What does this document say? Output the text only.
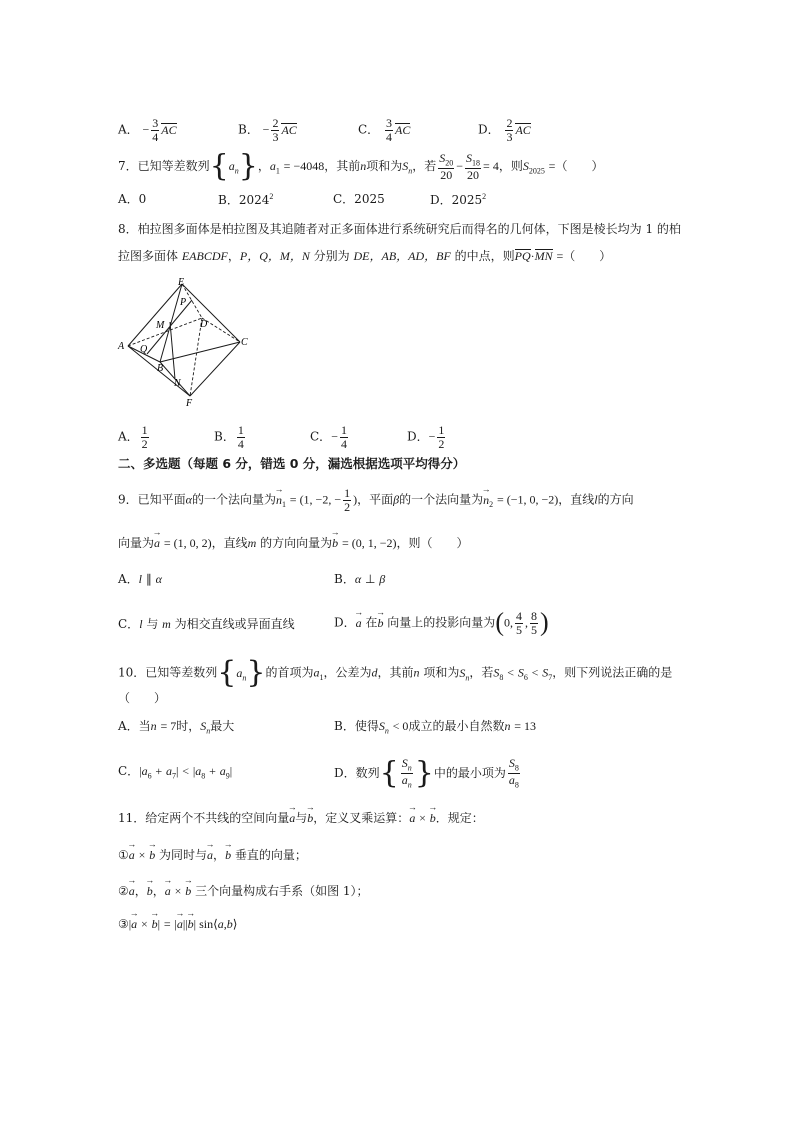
A． − $\frac{3}{4}$ AC	B． − $\frac{2}{3}$ AC	C． $\frac{3}{4}$ AC	D． $\frac{2}{3}$ AC
7．已知等差数列$\{a_n\}$，$a_1 = -4048$，其前n项和为$S_n$，若 $\frac{S_{20}}{20} - \frac{S_{18}}{20} = 4$，则$S_{2025}$ =（　　）
A．0	B．2024$^2$	C．2025	D．2025$^2$
8．柏拉图多面体是柏拉图及其追随者对正多面体进行系统研究后而得名的几何体，下图是棱长均为 1 的柏
拉图多面体 EABCDF，P，Q，M，N 分别为 DE，AB，AD，BF 的中点，则PQ·MN =（　　）
E
P
M	D
A Q
B
C
N
F
A． $\frac{1}{2}$	B． $\frac{1}{4}$	C．− $\frac{1}{4}$	D．− $\frac{1}{2}$
二、多选题（每题 6 分，错选 0 分，漏选根据选项平均得分）
9．已知平面α的一个法向量为$n \to_1 = (1$, −2, − $\frac{1}{2}$ )，平面β的一个法向量为$n \to_2 = (-1$, 0, −2)，直线l的方向
向量为a → = (1, 0, 2)，直线m 的方向向量为b → = (0, 1, −2)，则（　　）
A．l ∥ α	B．α ⊥ β
C．l 与 m 为相交直线或异面直线	D．a → 在b → 向量上的投影向量为(0, $\frac{4}{5}$ , $\frac{8}{5}$ )
10．已知等差数列$\{a_n\}$的首项为$a_1$，公差为d，其前n 项和为$S_n$，若$S_8 < S_6 < S_7$，则下列说法正确的是
（　　）
A．当n = 7时，$S_n$最大	B．使得$S_n < 0$成立的最小自然数n = 13
C．$|a_6 + a_7| < |a_8 + a_9|$	D．数列{ $\frac{S_n}{a_n}$ }中的最小项为 $\frac{S_8}{a_8}$
11．给定两个不共线的空间向量a →与b →，定义叉乘运算：a → × b →．规定：
①a → × b → 为同时与a →，b → 垂直的向量；
②a →，b →，a → × b → 三个向量构成右手系（如图 1）；
③|a → × b →| = |a →||b →| sin⟨a,b⟩
